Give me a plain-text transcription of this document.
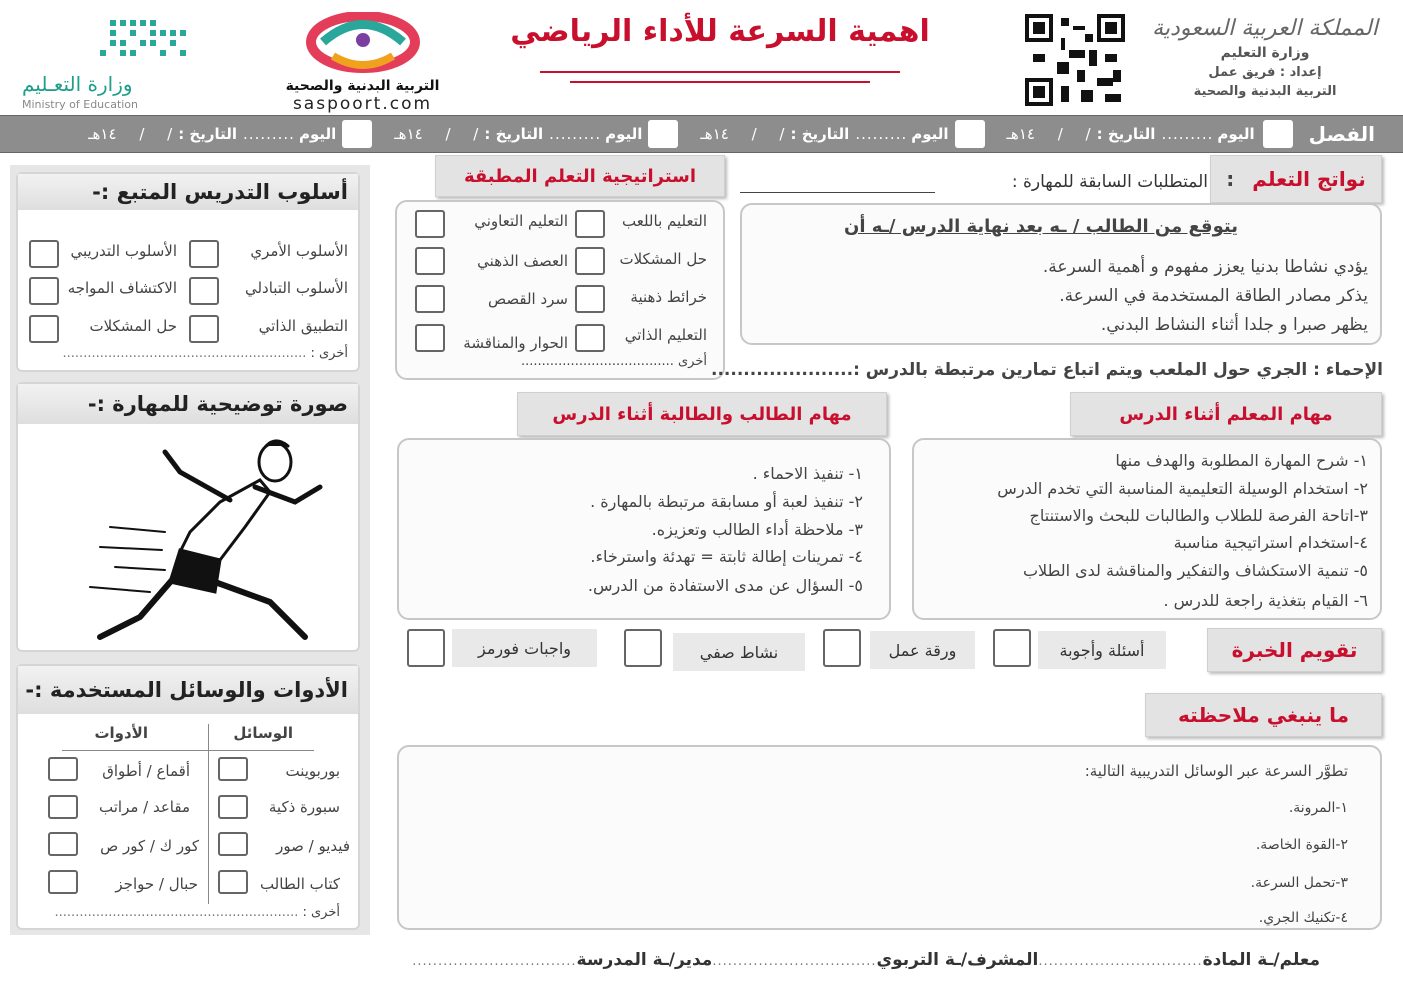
وزارة التعـليم
Ministry of Education
التربية البدنية والصحية
saspoort.com
اهمية السرعة للأداء الرياضي	المملكة العربية السعودية
وزارة التعليم
إعداد : فريق عمل
التربية البدنية والصحية
الفصل
اليوم
.........
التاريخ :
/ / ١٤هـ
اليوم
.........
التاريخ :
/ / ١٤هـ
اليوم
.........
التاريخ :
/ / ١٤هـ
اليوم
.........
التاريخ :
/ / ١٤هـ
أسلوب التدريس المتبع :-
الأسلوب الأمري
الأسلوب التدريبي
الأسلوب التبادلي
الاكتشاف المواجه
التطبيق الذاتي
حل المشكلات
أخرى : ...........................................................
صورة توضيحية للمهارة :-
الأدوات والوسائل المستخدمة :-
الوسائل
الأدوات
بوربوينت
أقماع / أطواق
سبورة ذكية
مقاعد / مراتب
فيديو / صور
كور ك / كور ص
كتاب الطالب
حبال / حواجز
أخرى : ...........................................................
استراتيجية التعلم المطبقة
التعليم باللعب
التعليم التعاوني
حل المشكلات
العصف الذهني
خرائط ذهنية
سرد القصص
التعليم الذاتي
الحوار والمناقشة
أخرى .....................................
نواتج التعلم
:
المتطلبات السابقة للمهارة :
يتوقع من الطالب / ـه بعد نهاية الدرس /ـه أن
يؤدي نشاطا بدنيا يعزز مفهوم و أهمية السرعة.
يذكر مصادر الطاقة المستخدمة في السرعة.
يظهر صبرا و جلدا أثناء النشاط البدني.
الإحماء : الجري حول الملعب ويتم اتباع تمارين مرتبطة بالدرس :......................
مهام الطالب والطالبة أثناء الدرس	مهام المعلم أثناء الدرس
١- تنفيذ الاحماء .
٢- تنفيذ لعبة أو مسابقة مرتبطة بالمهارة .
٣- ملاحظة أداء الطالب وتعزيزه.
٤- تمرينات إطالة ثابتة = تهدئة واسترخاء.
٥- السؤال عن مدى الاستفادة من الدرس.
١- شرح المهارة المطلوبة والهدف منها
٢- استخدام الوسيلة التعليمية المناسبة التي تخدم الدرس
٣-اتاحة الفرصة للطلاب والطالبات للبحث والاستنتاج
٤-استخدام استراتيجية مناسبة
٥- تنمية الاستكشاف والتفكير والمناقشة لدى الطلاب
٦- القيام بتغذية راجعة للدرس .
تقويم الخبرة
أسئلة وأجوبة
ورقة عمل
نشاط صفي
واجبات فورمز
ما ينبغي ملاحظته
تطوَّر السرعة عبر الوسائل التدريبية التالية:
١-المرونة.
٢-القوة الخاصة.
٣-تحمل السرعة.
٤-تكنيك الجري.
معلم/ـة المادة
................................
المشرف/ـة التربوي
................................
مدير/ـة المدرسة
................................
